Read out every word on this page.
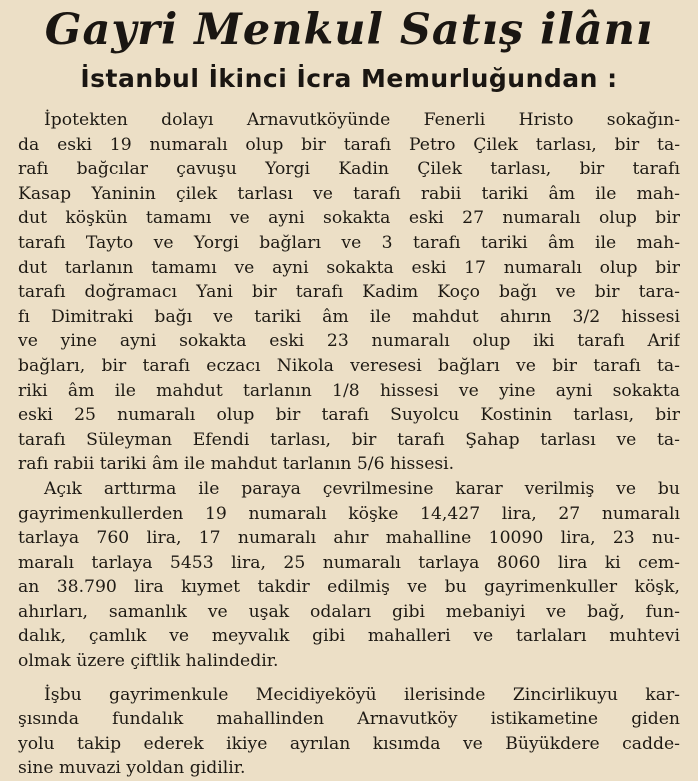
Gayri Menkul Satış ilânı
İstanbul İkinci İcra Memurluğundan :
İpotekten dolayı Arnavutköyünde Fenerli Hristo sokağın-
da eski 19 numaralı olup bir tarafı Petro Çilek tarlası, bir ta-
rafı bağcılar çavuşu Yorgi Kadin Çilek tarlası, bir tarafı
Kasap Yaninin çilek tarlası ve tarafı rabii tariki âm ile mah-
dut köşkün tamamı ve ayni sokakta eski 27 numaralı olup bir
tarafı Tayto ve Yorgi bağları ve 3 tarafı tariki âm ile mah-
dut tarlanın tamamı ve ayni sokakta eski 17 numaralı olup bir
tarafı doğramacı Yani bir tarafı Kadim Koço bağı ve bir tara-
fı Dimitraki bağı ve tariki âm ile mahdut ahırın 3/2 hissesi
ve yine ayni sokakta eski 23 numaralı olup iki tarafı Arif
bağları, bir tarafı eczacı Nikola veresesi bağları ve bir tarafı ta-
riki âm ile mahdut tarlanın 1/8 hissesi ve yine ayni sokakta
eski 25 numaralı olup bir tarafı Suyolcu Kostinin tarlası, bir
tarafı Süleyman Efendi tarlası, bir tarafı Şahap tarlası ve ta-
rafı rabii tariki âm ile mahdut tarlanın 5/6 hissesi.
Açık arttırma ile paraya çevrilmesine karar verilmiş ve bu
gayrimenkullerden 19 numaralı köşke 14,427 lira, 27 numaralı
tarlaya 760 lira, 17 numaralı ahır mahalline 10090 lira, 23 nu-
maralı tarlaya 5453 lira, 25 numaralı tarlaya 8060 lira ki cem-
an 38.790 lira kıymet takdir edilmiş ve bu gayrimenkuller köşk,
ahırları, samanlık ve uşak odaları gibi mebaniyi ve bağ, fun-
dalık, çamlık ve meyvalık gibi mahalleri ve tarlaları muhtevi
olmak üzere çiftlik halindedir.
İşbu gayrimenkule Mecidiyeköyü ilerisinde Zincirlikuyu kar-
şısında fundalık mahallinden Arnavutköy istikametine giden
yolu takip ederek ikiye ayrılan kısımda ve Büyükdere cadde-
sine muvazi yoldan gidilir.
